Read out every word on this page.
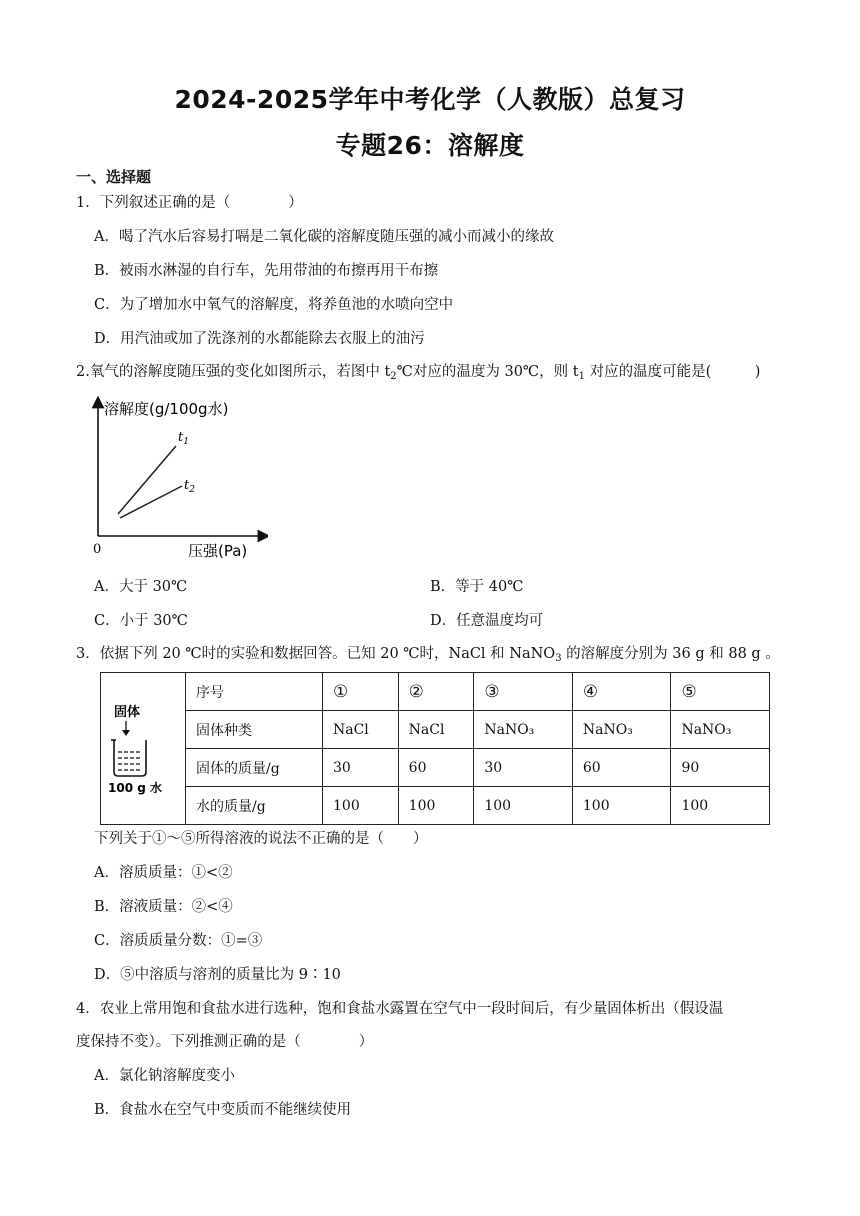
2024-2025学年中考化学（人教版）总复习
专题26：溶解度
一、选择题
1．下列叙述正确的是（　　　　）
A．喝了汽水后容易打嗝是二氧化碳的溶解度随压强的减小而减小的缘故
B．被雨水淋湿的自行车，先用带油的布擦再用干布擦
C．为了增加水中氧气的溶解度，将养鱼池的水喷向空中
D．用汽油或加了洗涤剂的水都能除去衣服上的油污
2.氧气的溶解度随压强的变化如图所示，若图中 $t_2℃$对应的温度为 30℃，则 $t_1$ 对应的温度可能是(　　　)
溶解度(g/100g水)
压强(Pa)
0
$t_1$
$t_2$
A．大于 30℃	B．等于 40℃
C．小于 30℃	D．任意温度均可
3．依据下列 20 ℃时的实验和数据回答。已知 20 ℃时，NaCl 和 NaNO$_3$ 的溶解度分别为 36 g 和 88 g 。
	序号	①	②	③	④	⑤
	固体种类	NaCl	NaCl	NaNO₃	NaNO₃	NaNO₃
	固体的质量/g	30	60	30	60	90
	水的质量/g	100	100	100	100	100
固体
100 g 水
下列关于①～⑤所得溶液的说法不正确的是（　　）
A．溶质质量：①<②
B．溶液质量：②<④
C．溶质质量分数：①=③
D．⑤中溶质与溶剂的质量比为 9∶10
4．农业上常用饱和食盐水进行选种，饱和食盐水露置在空气中一段时间后，有少量固体析出（假设温
度保持不变）。下列推测正确的是（　　　　）
A．氯化钠溶解度变小
B．食盐水在空气中变质而不能继续使用
